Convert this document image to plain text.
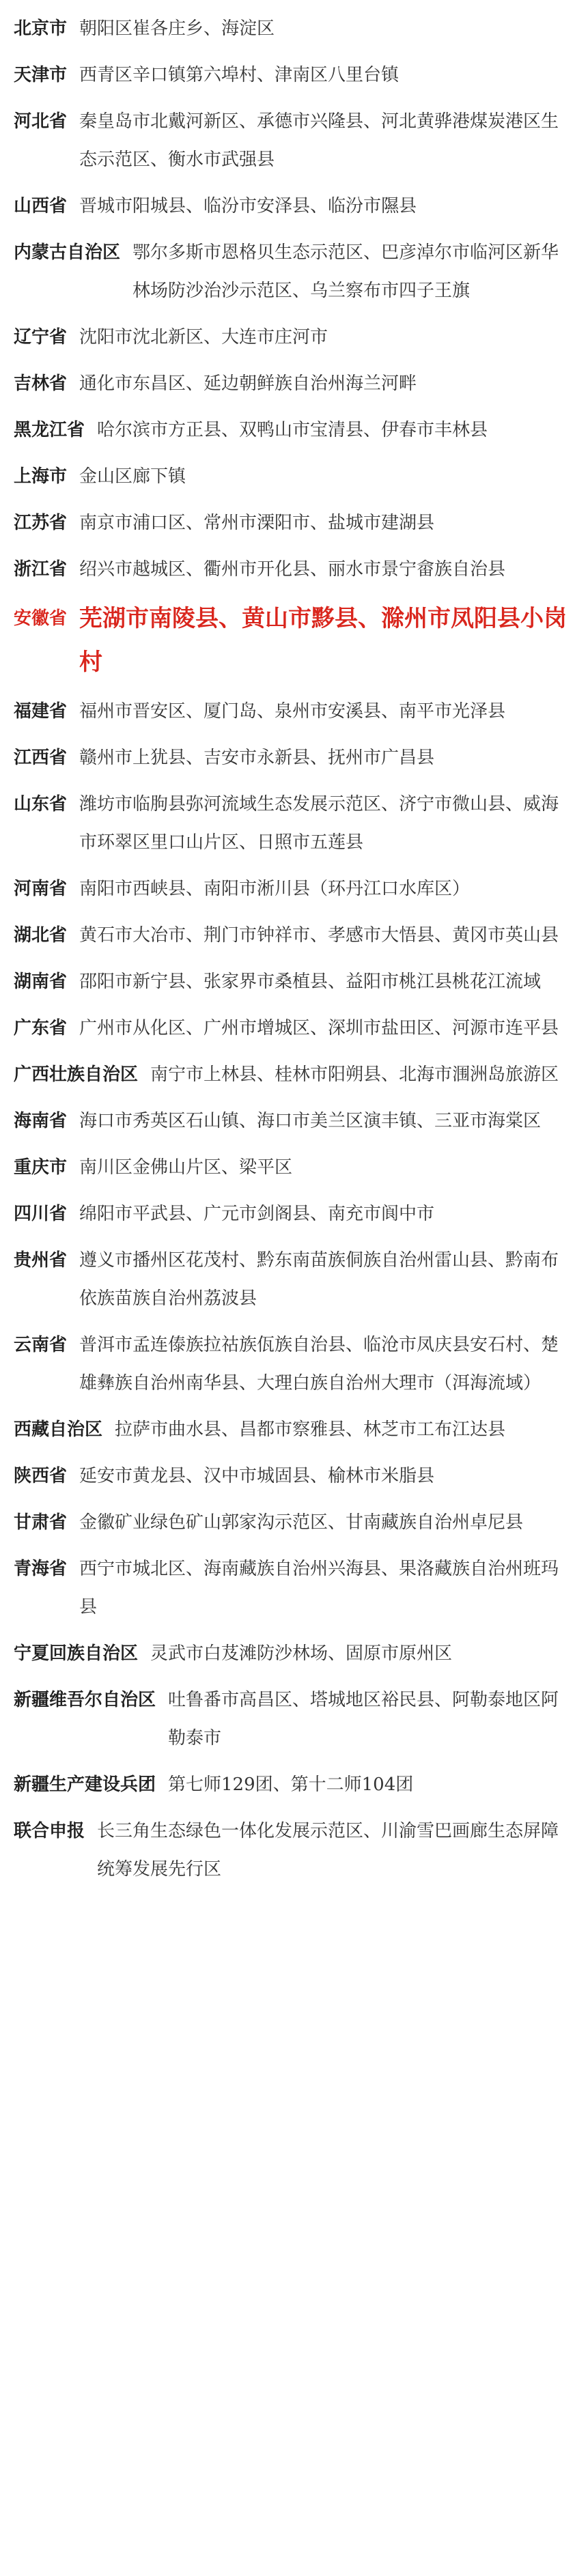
北京市 朝阳区崔各庄乡、海淀区
天津市 西青区辛口镇第六埠村、津南区八里台镇
河北省 秦皇岛市北戴河新区、承德市兴隆县、河北黄骅港煤炭港区生态示范区、衡水市武强县
山西省 晋城市阳城县、临汾市安泽县、临汾市隰县
内蒙古自治区 鄂尔多斯市恩格贝生态示范区、巴彦淖尔市临河区新华林场防沙治沙示范区、乌兰察布市四子王旗
辽宁省 沈阳市沈北新区、大连市庄河市
吉林省 通化市东昌区、延边朝鲜族自治州海兰河畔
黑龙江省 哈尔滨市方正县、双鸭山市宝清县、伊春市丰林县
上海市 金山区廊下镇
江苏省 南京市浦口区、常州市溧阳市、盐城市建湖县
浙江省 绍兴市越城区、衢州市开化县、丽水市景宁畲族自治县
安徽省 芜湖市南陵县、黄山市黟县、滁州市凤阳县小岗村
福建省 福州市晋安区、厦门岛、泉州市安溪县、南平市光泽县
江西省 赣州市上犹县、吉安市永新县、抚州市广昌县
山东省 潍坊市临朐县弥河流域生态发展示范区、济宁市微山县、威海市环翠区里口山片区、日照市五莲县
河南省 南阳市西峡县、南阳市淅川县（环丹江口水库区）
湖北省 黄石市大冶市、荆门市钟祥市、孝感市大悟县、黄冈市英山县
湖南省 邵阳市新宁县、张家界市桑植县、益阳市桃江县桃花江流域
广东省 广州市从化区、广州市增城区、深圳市盐田区、河源市连平县
广西壮族自治区 南宁市上林县、桂林市阳朔县、北海市涠洲岛旅游区
海南省 海口市秀英区石山镇、海口市美兰区演丰镇、三亚市海棠区
重庆市 南川区金佛山片区、梁平区
四川省 绵阳市平武县、广元市剑阁县、南充市阆中市
贵州省 遵义市播州区花茂村、黔东南苗族侗族自治州雷山县、黔南布依族苗族自治州荔波县
云南省 普洱市孟连傣族拉祜族佤族自治县、临沧市凤庆县安石村、楚雄彝族自治州南华县、大理白族自治州大理市（洱海流域）
西藏自治区 拉萨市曲水县、昌都市察雅县、林芝市工布江达县
陕西省 延安市黄龙县、汉中市城固县、榆林市米脂县
甘肃省 金徽矿业绿色矿山郭家沟示范区、甘南藏族自治州卓尼县
青海省 西宁市城北区、海南藏族自治州兴海县、果洛藏族自治州班玛县
宁夏回族自治区 灵武市白芨滩防沙林场、固原市原州区
新疆维吾尔自治区 吐鲁番市高昌区、塔城地区裕民县、阿勒泰地区阿勒泰市
新疆生产建设兵团 第七师129团、第十二师104团
联合申报 长三角生态绿色一体化发展示范区、川渝雪巴画廊生态屏障统筹发展先行区
